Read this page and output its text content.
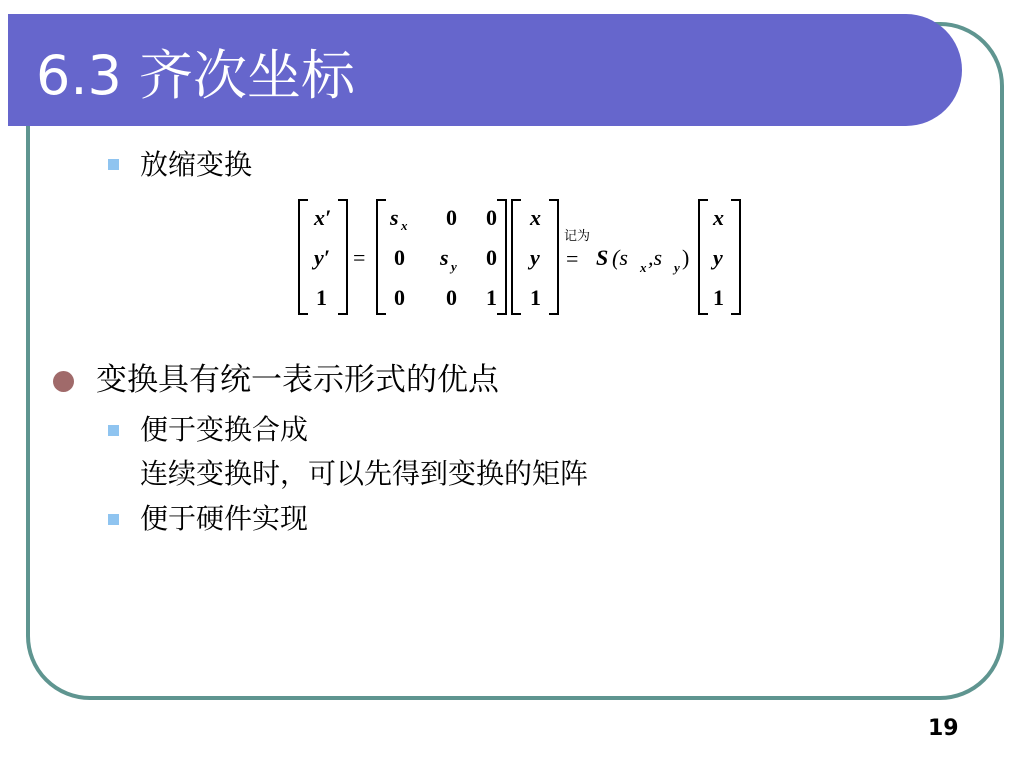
6.3 齐次坐标
放缩变换
x′
y′
1
=
s x 0 0
0 s y 0
0 0 1
x
y
1
= S (s x ,s y )
x
y
1
记为
变换具有统一表示形式的优点
便于变换合成
连续变换时，可以先得到变换的矩阵
便于硬件实现
19
